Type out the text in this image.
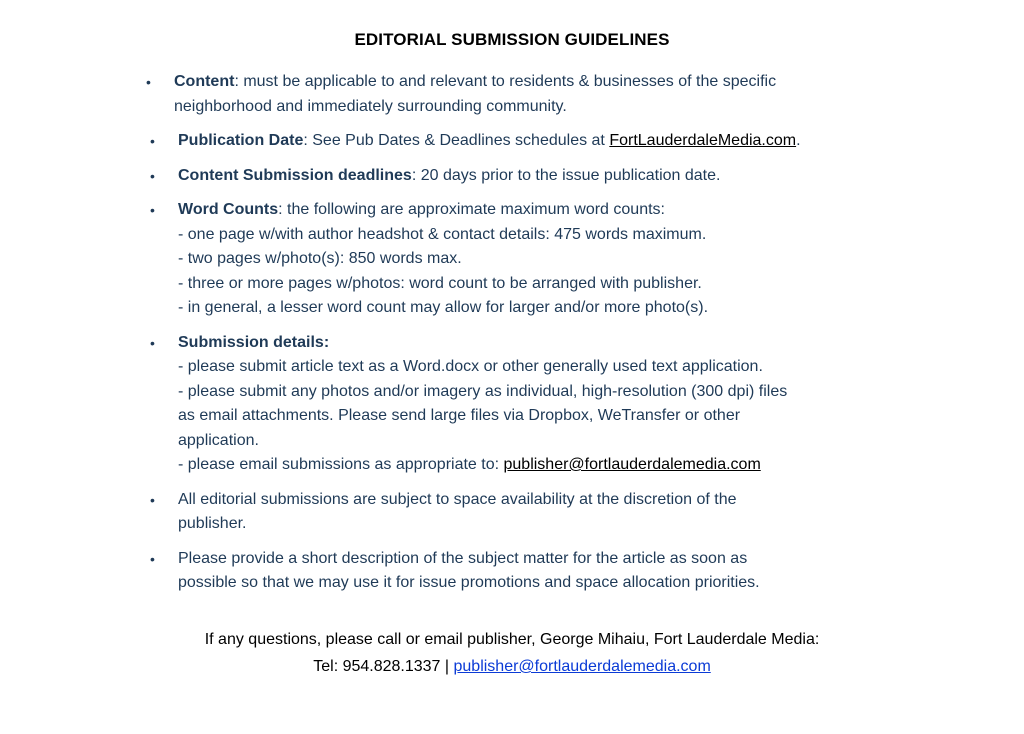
EDITORIAL SUBMISSION GUIDELINES
• Content: must be applicable to and relevant to residents & businesses of the specific
neighborhood and immediately surrounding community.
• Publication Date: See Pub Dates & Deadlines schedules at FortLauderdaleMedia.com.
• Content Submission deadlines: 20 days prior to the issue publication date.
• Word Counts: the following are approximate maximum word counts:
- one page w/with author headshot & contact details: 475 words maximum.
- two pages w/photo(s): 850 words max.
- three or more pages w/photos: word count to be arranged with publisher.
- in general, a lesser word count may allow for larger and/or more photo(s).
• Submission details:
- please submit article text as a Word.docx or other generally used text application.
- please submit any photos and/or imagery as individual, high-resolution (300 dpi) files
as email attachments. Please send large files via Dropbox, WeTransfer or other
application.
- please email submissions as appropriate to: publisher@fortlauderdalemedia.com
• All editorial submissions are subject to space availability at the discretion of the
publisher.
• Please provide a short description of the subject matter for the article as soon as
possible so that we may use it for issue promotions and space allocation priorities.
If any questions, please call or email publisher, George Mihaiu, Fort Lauderdale Media:
Tel: 954.828.1337 | publisher@fortlauderdalemedia.com
